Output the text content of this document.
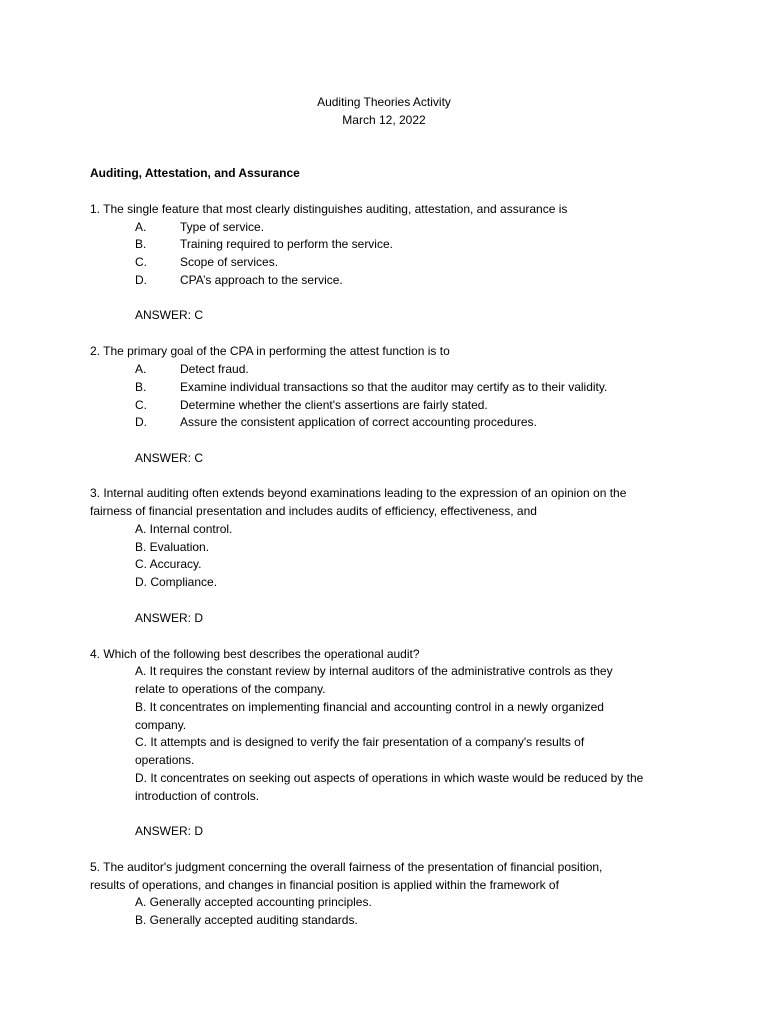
Auditing Theories Activity
March 12, 2022
Auditing, Attestation, and Assurance
1. The single feature that most clearly distinguishes auditing, attestation, and assurance is
A.	Type of service.
B.	Training required to perform the service.
C.	Scope of services.
D.	CPA’s approach to the service.
ANSWER: C
2. The primary goal of the CPA in performing the attest function is to
A.	Detect fraud.
B.	Examine individual transactions so that the auditor may certify as to their validity.
C.	Determine whether the client's assertions are fairly stated.
D.	Assure the consistent application of correct accounting procedures.
ANSWER: C
3. Internal auditing often extends beyond examinations leading to the expression of an opinion on the
fairness of financial presentation and includes audits of efficiency, effectiveness, and
A. Internal control.
B. Evaluation.
C. Accuracy.
D. Compliance.
ANSWER: D
4. Which of the following best describes the operational audit?
A. It requires the constant review by internal auditors of the administrative controls as they
relate to operations of the company.
B. It concentrates on implementing financial and accounting control in a newly organized
company.
C. It attempts and is designed to verify the fair presentation of a company's results of
operations.
D. It concentrates on seeking out aspects of operations in which waste would be reduced by the
introduction of controls.
ANSWER: D
5. The auditor's judgment concerning the overall fairness of the presentation of financial position,
results of operations, and changes in financial position is applied within the framework of
A. Generally accepted accounting principles.
B. Generally accepted auditing standards.
